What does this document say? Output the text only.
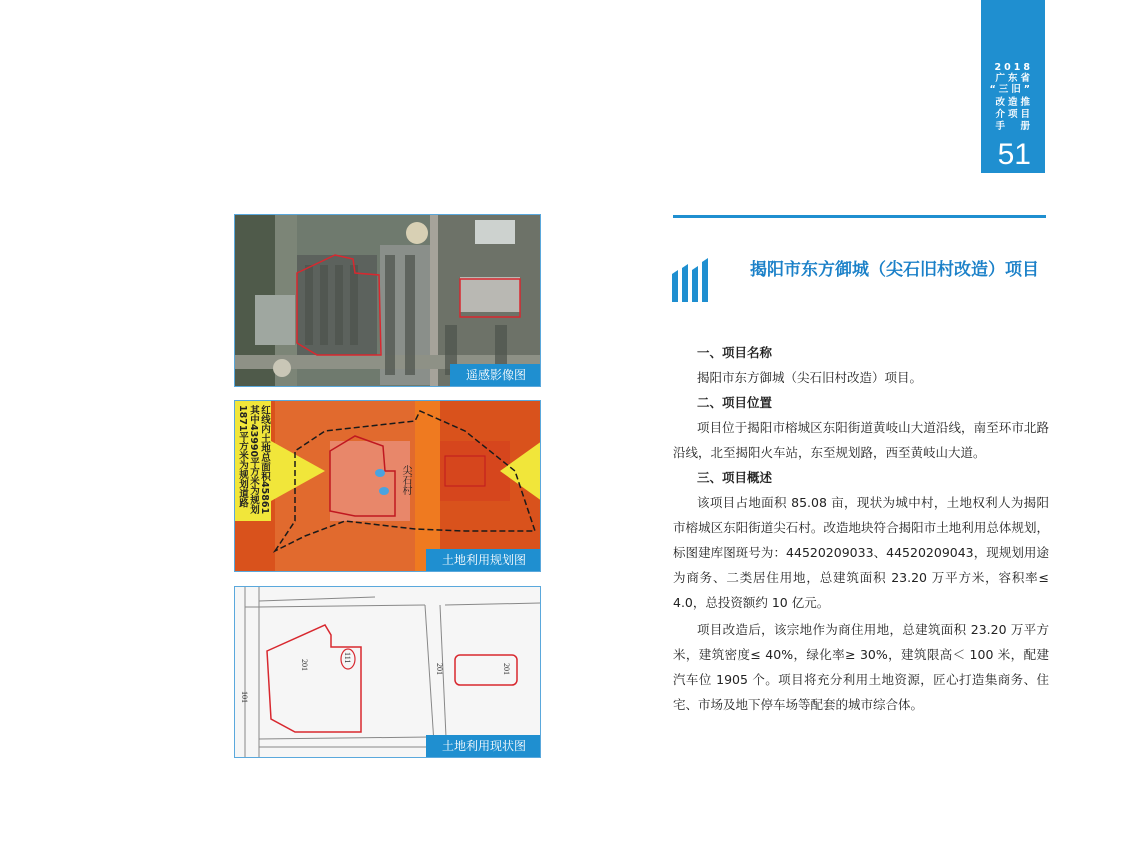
2018
广东省
“三旧”
改造推
介项目
手　册
51
遥感影像图
红线内土地总面积45861
其中43990平方米为规划
1871平方米为规划道路	尖石村
土地利用规划图
201
111
201	201
101
土地利用现状图
揭阳市东方御城（尖石旧村改造）项目
一、项目名称

揭阳市东方御城（尖石旧村改造）项目。

二、项目位置

项目位于揭阳市榕城区东阳街道黄岐山大道沿线，南至环市北路沿线，北至揭阳火车站，东至规划路，西至黄岐山大道。

三、项目概述

该项目占地面积 85.08 亩，现状为城中村，土地权利人为揭阳市榕城区东阳街道尖石村。改造地块符合揭阳市土地利用总体规划，标图建库图斑号为：44520209033、44520209043，现规划用途为商务、二类居住用地，总建筑面积 23.20 万平方米，容积率≤ 4.0，总投资额约 10 亿元。

项目改造后，该宗地作为商住用地，总建筑面积 23.20 万平方米，建筑密度≤ 40%，绿化率≥ 30%，建筑限高＜ 100 米，配建汽车位 1905 个。项目将充分利用土地资源，匠心打造集商务、住宅、市场及地下停车场等配套的城市综合体。
